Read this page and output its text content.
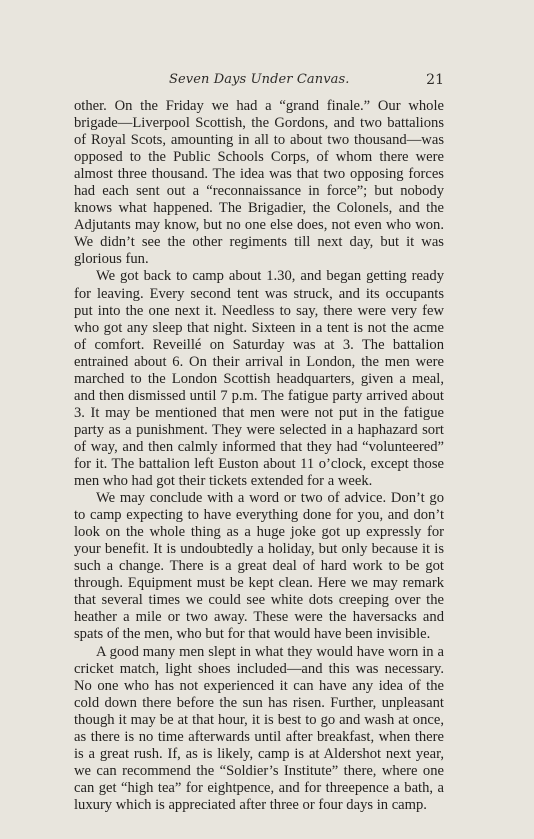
Seven Days Under Canvas.	21

other. On the Friday we had a “grand finale.” Our whole brigade—Liverpool Scottish, the Gordons, and two battalions of Royal Scots, amounting in all to about two thousand—was opposed to the Public Schools Corps, of whom there were almost three thousand. The idea was that two opposing forces had each sent out a “reconnaissance in force”; but nobody knows what happened. The Brigadier, the Colonels, and the Adjutants may know, but no one else does, not even who won. We didn’t see the other regiments till next day, but it was glorious fun.

We got back to camp about 1.30, and began getting ready for leaving. Every second tent was struck, and its occupants put into the one next it. Needless to say, there were very few who got any sleep that night. Sixteen in a tent is not the acme of comfort. Reveillé on Saturday was at 3. The battalion entrained about 6. On their arrival in London, the men were marched to the London Scottish headquarters, given a meal, and then dismissed until 7 p.m. The fatigue party arrived about 3. It may be mentioned that men were not put in the fatigue party as a punishment. They were selected in a haphazard sort of way, and then calmly informed that they had “volunteered” for it. The battalion left Euston about 11 o’clock, except those men who had got their tickets extended for a week.

We may conclude with a word or two of advice. Don’t go to camp expecting to have everything done for you, and don’t look on the whole thing as a huge joke got up expressly for your benefit. It is undoubtedly a holiday, but only because it is such a change. There is a great deal of hard work to be got through. Equipment must be kept clean. Here we may remark that several times we could see white dots creeping over the heather a mile or two away. These were the haversacks and spats of the men, who but for that would have been invisible.

A good many men slept in what they would have worn in a cricket match, light shoes included—and this was necessary. No one who has not experienced it can have any idea of the cold down there before the sun has risen. Further, unpleasant though it may be at that hour, it is best to go and wash at once, as there is no time afterwards until after breakfast, when there is a great rush. If, as is likely, camp is at Aldershot next year, we can recommend the “Soldier’s Institute” there, where one can get “high tea” for eightpence, and for threepence a bath, a luxury which is appreciated after three or four days in camp.
